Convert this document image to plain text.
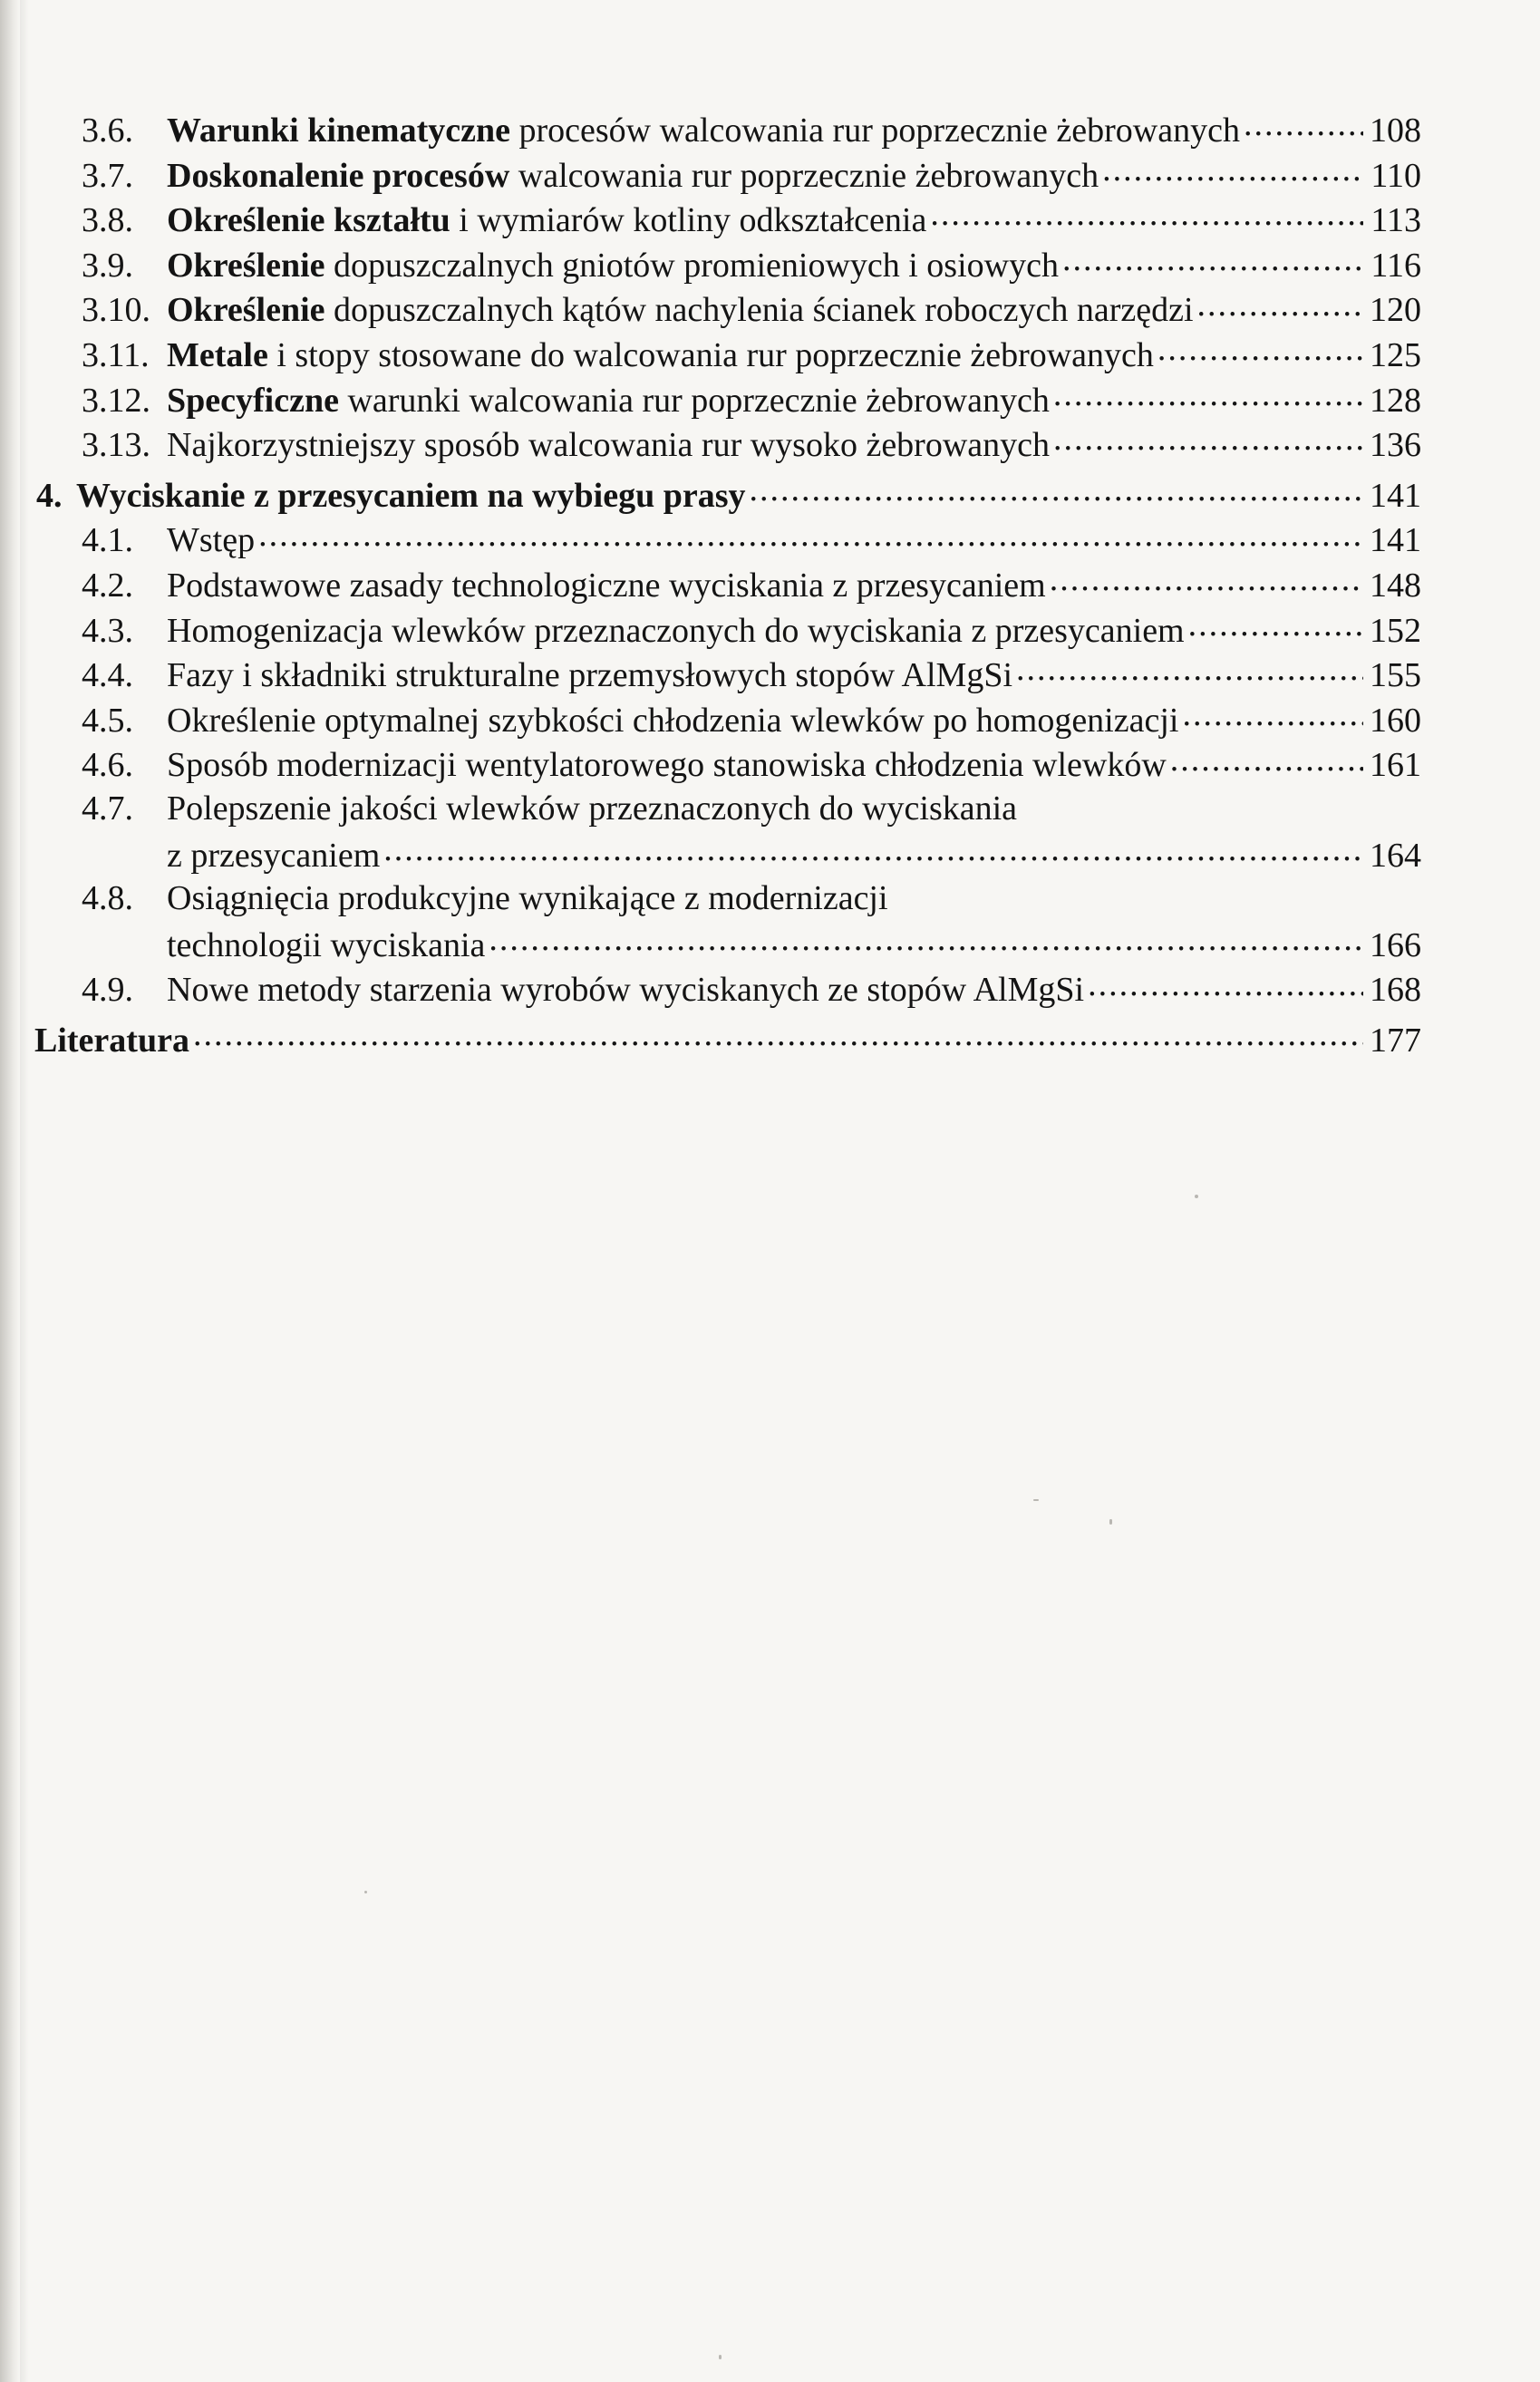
3.6. Warunki kinematyczne procesów walcowania rur poprzecznie żebrowanych .....	108
3.7. Doskonalenie procesów walcowania rur poprzecznie żebrowanych .....	110
3.8. Określenie kształtu i wymiarów kotliny odkształcenia .....	113
3.9. Określenie dopuszczalnych gniotów promieniowych i osiowych .....	116
3.10. Określenie dopuszczalnych kątów nachylenia ścianek roboczych narzędzi .....	120
3.11. Metale i stopy stosowane do walcowania rur poprzecznie żebrowanych .....	125
3.12. Specyficzne warunki walcowania rur poprzecznie żebrowanych .....	128
3.13. Najkorzystniejszy sposób walcowania rur wysoko żebrowanych .....	136
4. Wyciskanie z przesycaniem na wybiegu prasy .....	141
4.1. Wstęp .....	141
4.2. Podstawowe zasady technologiczne wyciskania z przesycaniem .....	148
4.3. Homogenizacja wlewków przeznaczonych do wyciskania z przesycaniem .....	152
4.4. Fazy i składniki strukturalne przemysłowych stopów AlMgSi .....	155
4.5. Określenie optymalnej szybkości chłodzenia wlewków po homogenizacji .....	160
4.6. Sposób modernizacji wentylatorowego stanowiska chłodzenia wlewków .....	161
4.7. Polepszenie jakości wlewków przeznaczonych do wyciskania
z przesycaniem .....	164
4.8. Osiągnięcia produkcyjne wynikające z modernizacji
technologii wyciskania .....	166
4.9. Nowe metody starzenia wyrobów wyciskanych ze stopów AlMgSi .....	168
Literatura .....	177
